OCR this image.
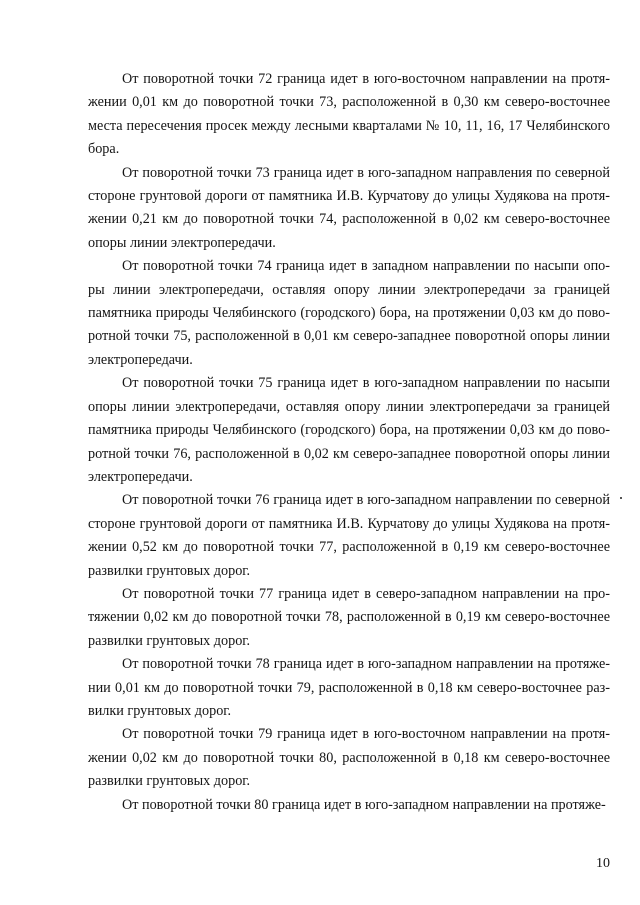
От поворотной точки 72 граница идет в юго-восточном направлении на протяжении 0,01 км до поворотной точки 73, расположенной в 0,30 км северо-восточнее места пересечения просек между лесными кварталами № 10, 11, 16, 17 Челябинского бора.

От поворотной точки 73 граница идет в юго-западном направления по северной стороне грунтовой дороги от памятника И.В. Курчатову до улицы Худякова на протяжении 0,21 км до поворотной точки 74, расположенной в 0,02 км северо-восточнее опоры линии электропередачи.

От поворотной точки 74 граница идет в западном направлении по насыпи опоры линии электропередачи, оставляя опору линии электропередачи за границей памятника природы Челябинского (городского) бора, на протяжении 0,03 км до поворотной точки 75, расположенной в 0,01 км северо-западнее поворотной опоры линии электропередачи.

От поворотной точки 75 граница идет в юго-западном направлении по насыпи опоры линии электропередачи, оставляя опору линии электропередачи за границей памятника природы Челябинского (городского) бора, на протяжении 0,03 км до поворотной точки 76, расположенной в 0,02 км северо-западнее поворотной опоры линии электропередачи.

От поворотной точки 76 граница идет в юго-западном направлении по северной стороне грунтовой дороги от памятника И.В. Курчатову до улицы Худякова на протяжении 0,52 км до поворотной точки 77, расположенной в 0,19 км северо-восточнее развилки грунтовых дорог.

От поворотной точки 77 граница идет в северо-западном направлении на протяжении 0,02 км до поворотной точки 78, расположенной в 0,19 км северо-восточнее развилки грунтовых дорог.

От поворотной точки 78 граница идет в юго-западном направлении на протяжении 0,01 км до поворотной точки 79, расположенной в 0,18 км северо-восточнее развилки грунтовых дорог.

От поворотной точки 79 граница идет в юго-восточном направлении на протяжении 0,02 км до поворотной точки 80, расположенной в 0,18 км северо-восточнее развилки грунтовых дорог.

От поворотной точки 80 граница идет в юго-западном направлении на протяже-

10
